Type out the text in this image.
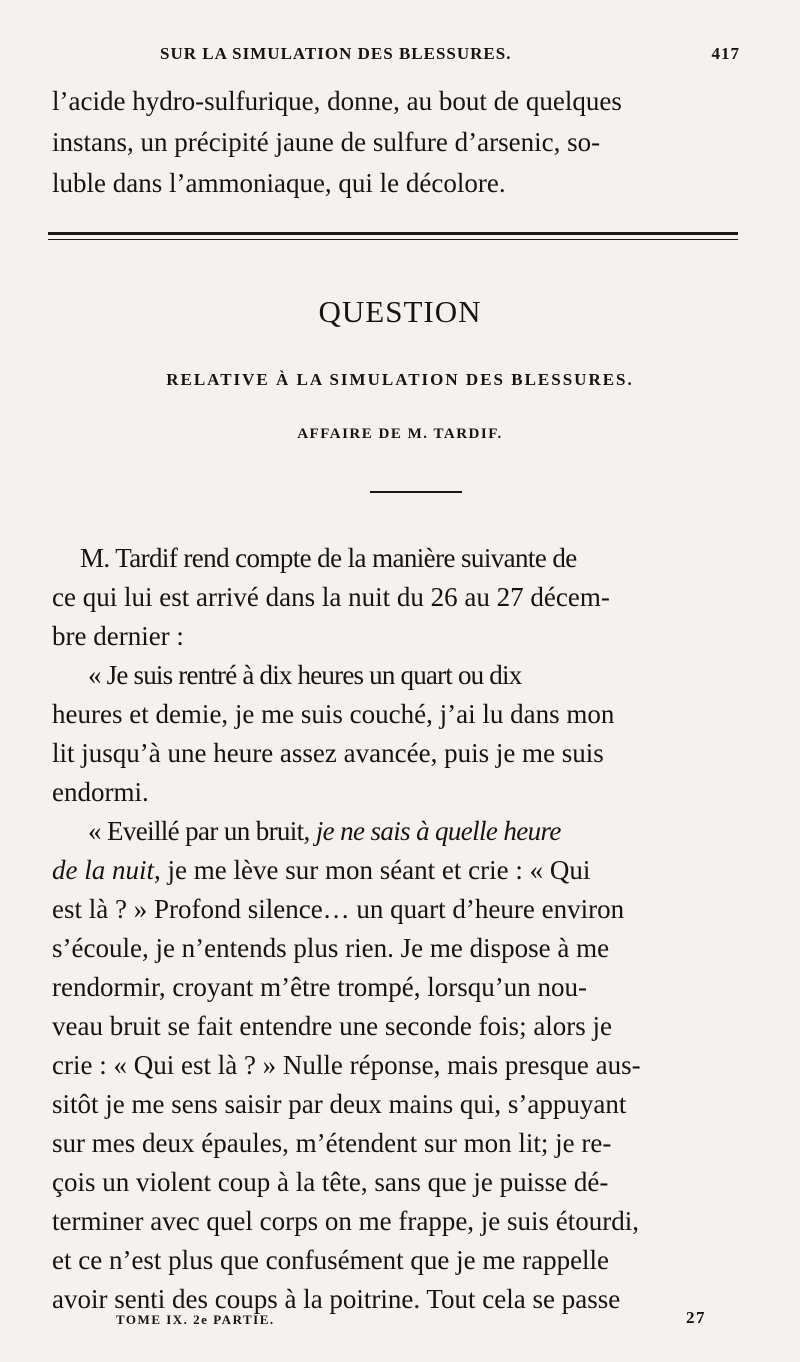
SUR LA SIMULATION DES BLESSURES.	417
l’acide hydro-sulfurique, donne, au bout de quelques
instans, un précipité jaune de sulfure d’arsenic, so-
luble dans l’ammoniaque, qui le décolore.
QUESTION
RELATIVE À LA SIMULATION DES BLESSURES.
AFFAIRE DE M. TARDIF.
M. Tardif rend compte de la manière suivante de
ce qui lui est arrivé dans la nuit du 26 au 27 décem-
bre dernier :
« Je suis rentré à dix heures un quart ou dix
heures et demie, je me suis couché, j’ai lu dans mon
lit jusqu’à une heure assez avancée, puis je me suis
endormi.
« Eveillé par un bruit, je ne sais à quelle heure
de la nuit, je me lève sur mon séant et crie : « Qui
est là ? » Profond silence… un quart d’heure environ
s’écoule, je n’entends plus rien. Je me dispose à me
rendormir, croyant m’être trompé, lorsqu’un nou-
veau bruit se fait entendre une seconde fois; alors je
crie : « Qui est là ? » Nulle réponse, mais presque aus-
sitôt je me sens saisir par deux mains qui, s’appuyant
sur mes deux épaules, m’étendent sur mon lit; je re-
çois un violent coup à la tête, sans que je puisse dé-
terminer avec quel corps on me frappe, je suis étourdi,
et ce n’est plus que confusément que je me rappelle
avoir senti des coups à la poitrine. Tout cela se passe
TOME IX. 2e PARTIE.	27
